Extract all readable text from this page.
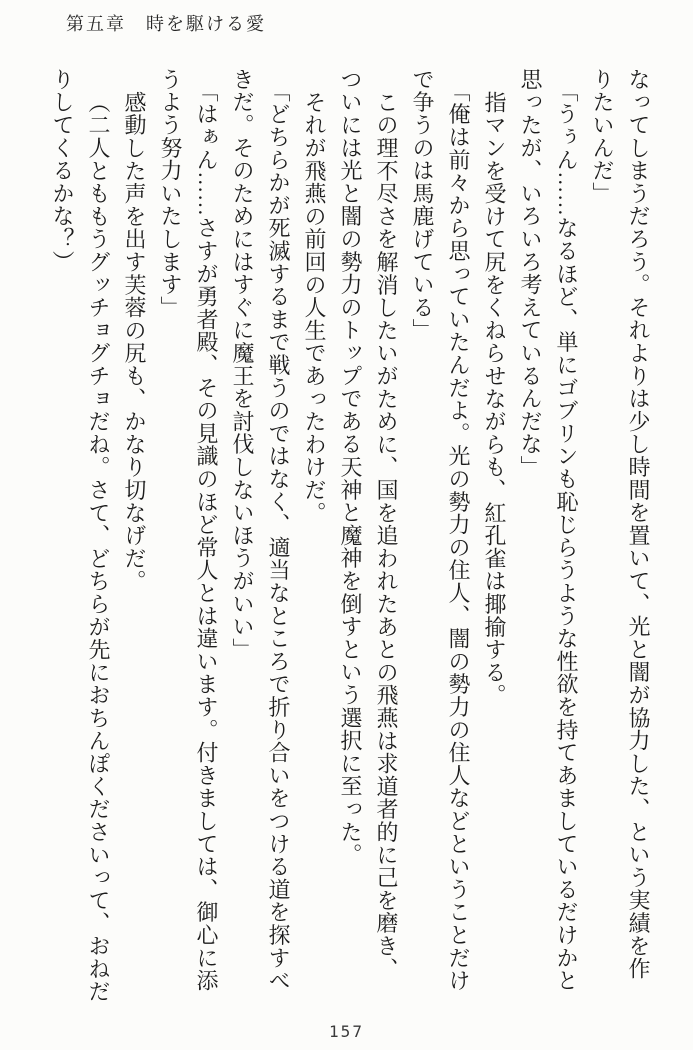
第五章　時を駆ける愛
なってしまうだろう。それよりは少し時間を置いて、光と闇が協力した、という実績を作
りたいんだ」
「うぅん……なるほど、単にゴブリンも恥じらうような性欲を持てあましているだけかと
思ったが、いろいろ考えているんだな」
指マンを受けて尻をくねらせながらも、紅孔雀は揶揄する。
「俺は前々から思っていたんだよ。光の勢力の住人、闇の勢力の住人などということだけ
で争うのは馬鹿げている」
この理不尽さを解消したいがために、国を追われたあとの飛燕は求道者的に己を磨き、
ついには光と闇の勢力のトップである天神と魔神を倒すという選択に至った。
それが飛燕の前回の人生であったわけだ。
「どちらかが死滅するまで戦うのではなく、適当なところで折り合いをつける道を探すべ
きだ。そのためにはすぐに魔王を討伐しないほうがいい」
「はぁん……さすが勇者殿、その見識のほど常人とは違います。付きましては、御心に添
うよう努力いたします」
感動した声を出す芙蓉の尻も、かなり切なげだ。
（二人とももうグッチョグチョだね。さて、どちらが先におちんぽくださいって、おねだ
りしてくるかな？）
157
